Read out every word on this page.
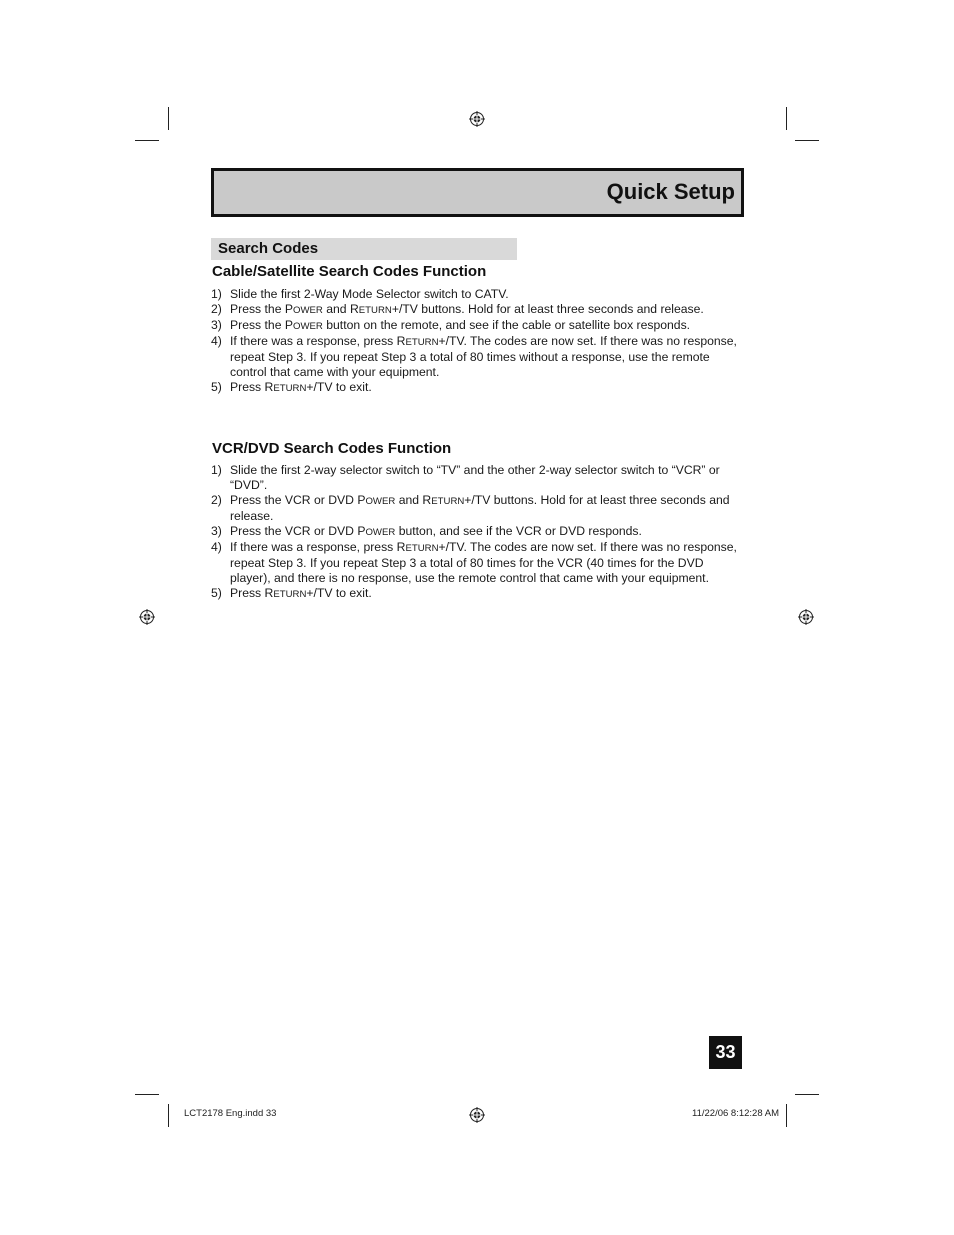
Quick Setup
Search Codes
Cable/Satellite Search Codes Function
1) Slide the first 2-Way Mode Selector switch to CATV.
2) Press the POWER and RETURN+/TV buttons. Hold for at least three seconds and release.
3) Press the POWER button on the remote, and see if the cable or satellite box responds.
4) If there was a response, press RETURN+/TV. The codes are now set. If there was no response, repeat Step 3. If you repeat Step 3 a total of 80 times without a response, use the remote control that came with your equipment.
5) Press RETURN+/TV to exit.
VCR/DVD Search Codes Function
1) Slide the first 2-way selector switch to “TV” and the other 2-way selector switch to “VCR” or “DVD”.
2) Press the VCR or DVD POWER and RETURN+/TV buttons. Hold for at least three seconds and release.
3) Press the VCR or DVD POWER button, and see if the VCR or DVD responds.
4) If there was a response, press RETURN+/TV. The codes are now set. If there was no response, repeat Step 3. If you repeat Step 3 a total of 80 times for the VCR (40 times for the DVD player), and there is no response, use the remote control that came with your equipment.
5) Press RETURN+/TV to exit.
33
LCT2178 Eng.indd 33	11/22/06 8:12:28 AM
